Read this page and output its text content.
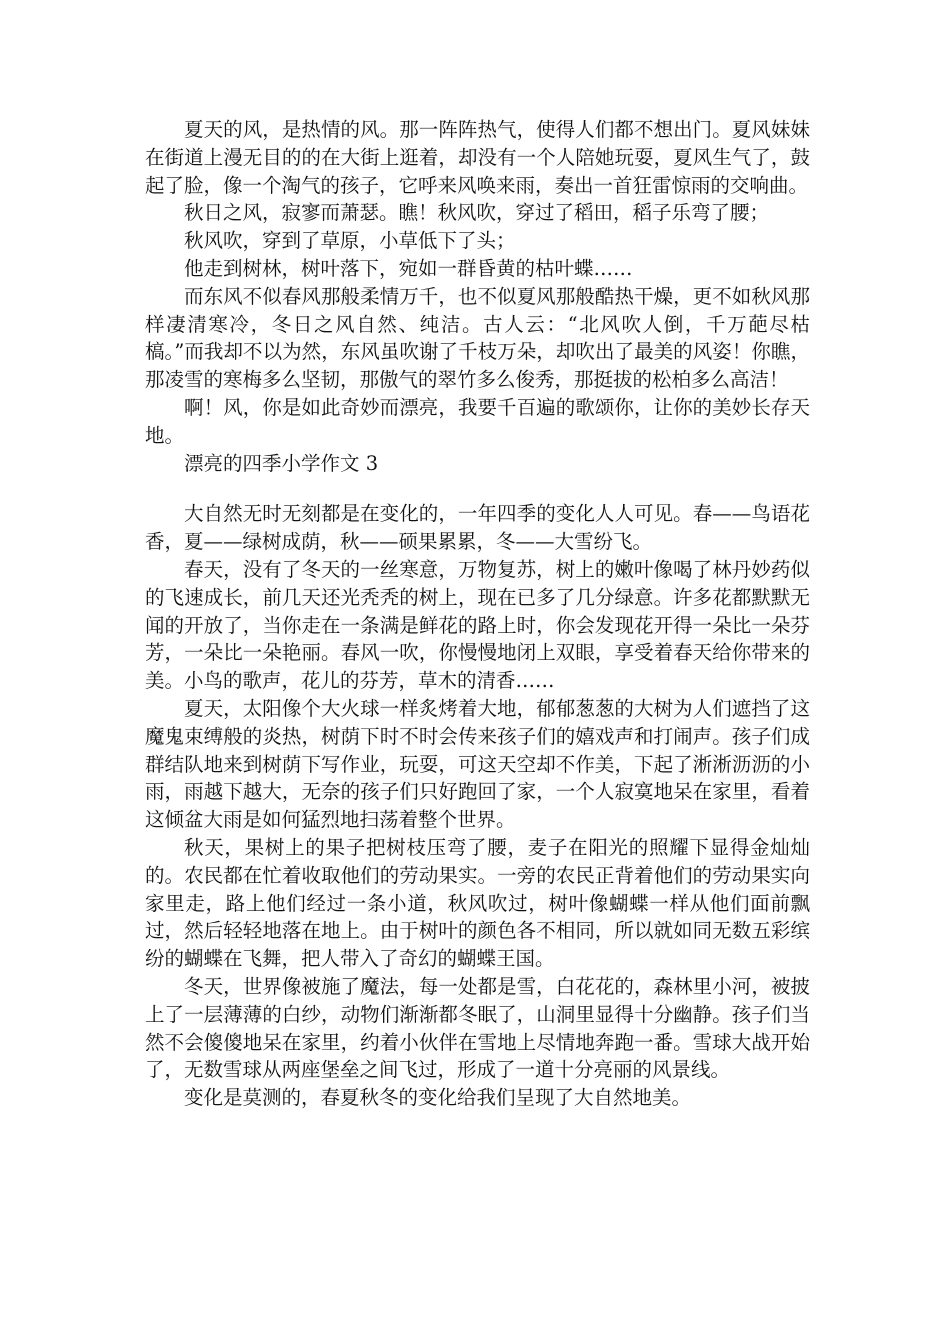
夏天的风，是热情的风。那一阵阵热气，使得人们都不想出门。夏风妹妹在街道上漫无目的的在大街上逛着，却没有一个人陪她玩耍，夏风生气了，鼓起了脸，像一个淘气的孩子，它呼来风唤来雨，奏出一首狂雷惊雨的交响曲。

秋日之风，寂寥而萧瑟。瞧！秋风吹，穿过了稻田，稻子乐弯了腰；

秋风吹，穿到了草原，小草低下了头；

他走到树林，树叶落下，宛如一群昏黄的枯叶蝶……

而东风不似春风那般柔情万千，也不似夏风那般酷热干燥，更不如秋风那样凄清寒冷，冬日之风自然、纯洁。古人云：“北风吹人倒，千万葩尽枯槁。”而我却不以为然，东风虽吹谢了千枝万朵，却吹出了最美的风姿！你瞧，那凌雪的寒梅多么坚韧，那傲气的翠竹多么俊秀，那挺拔的松柏多么高洁！

啊！风，你是如此奇妙而漂亮，我要千百遍的歌颂你，让你的美妙长存天地。

漂亮的四季小学作文 3

大自然无时无刻都是在变化的，一年四季的变化人人可见。春——鸟语花香，夏——绿树成荫，秋——硕果累累，冬——大雪纷飞。

春天，没有了冬天的一丝寒意，万物复苏，树上的嫩叶像喝了林丹妙药似的飞速成长，前几天还光秃秃的树上，现在已多了几分绿意。许多花都默默无闻的开放了，当你走在一条满是鲜花的路上时，你会发现花开得一朵比一朵芬芳，一朵比一朵艳丽。春风一吹，你慢慢地闭上双眼，享受着春天给你带来的美。小鸟的歌声，花儿的芬芳，草木的清香……

夏天，太阳像个大火球一样炙烤着大地，郁郁葱葱的大树为人们遮挡了这魔鬼束缚般的炎热，树荫下时不时会传来孩子们的嬉戏声和打闹声。孩子们成群结队地来到树荫下写作业，玩耍，可这天空却不作美，下起了淅淅沥沥的小雨，雨越下越大，无奈的孩子们只好跑回了家，一个人寂寞地呆在家里，看着这倾盆大雨是如何猛烈地扫荡着整个世界。

秋天，果树上的果子把树枝压弯了腰，麦子在阳光的照耀下显得金灿灿的。农民都在忙着收取他们的劳动果实。一旁的农民正背着他们的劳动果实向家里走，路上他们经过一条小道，秋风吹过，树叶像蝴蝶一样从他们面前飘过，然后轻轻地落在地上。由于树叶的颜色各不相同，所以就如同无数五彩缤纷的蝴蝶在飞舞，把人带入了奇幻的蝴蝶王国。

冬天，世界像被施了魔法，每一处都是雪，白花花的，森林里小河，被披上了一层薄薄的白纱，动物们渐渐都冬眠了，山洞里显得十分幽静。孩子们当然不会傻傻地呆在家里，约着小伙伴在雪地上尽情地奔跑一番。雪球大战开始了，无数雪球从两座堡垒之间飞过，形成了一道十分亮丽的风景线。

变化是莫测的，春夏秋冬的变化给我们呈现了大自然地美。
